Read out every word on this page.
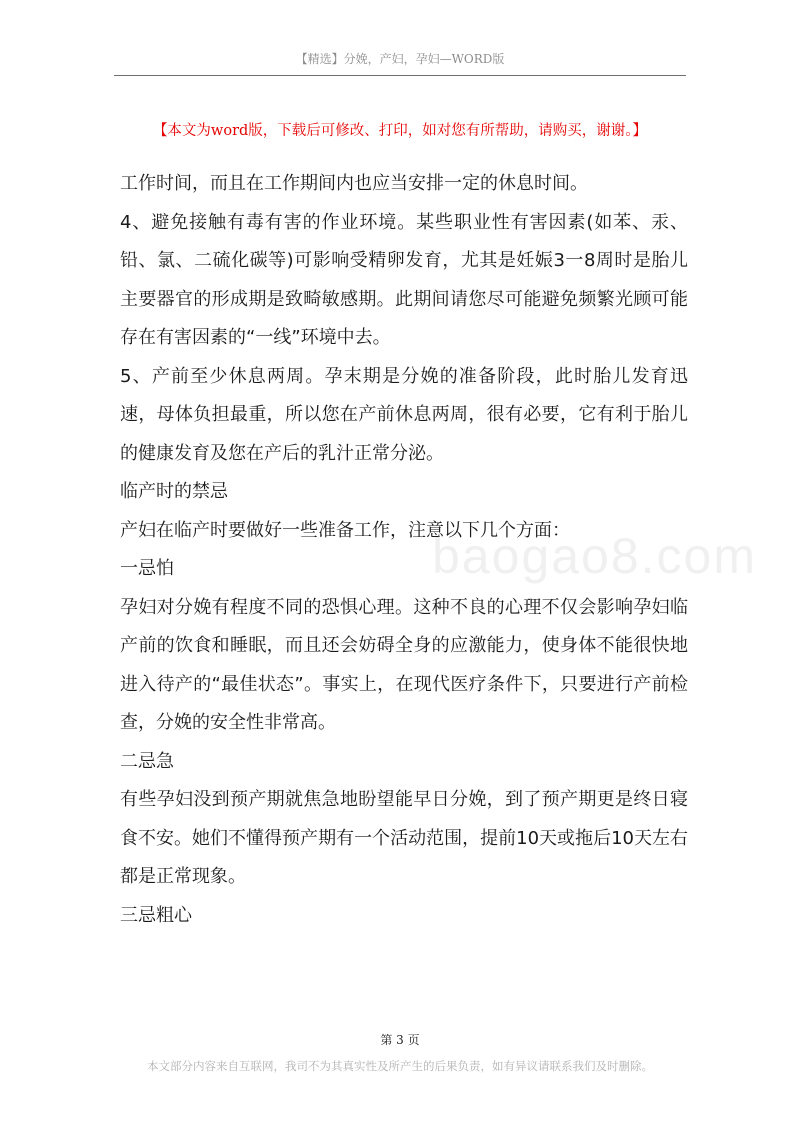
【精选】分娩，产妇，孕妇—WORD版
【本文为word版，下载后可修改、打印，如对您有所帮助，请购买，谢谢。】
baogao8.com

工作时间，而且在工作期间内也应当安排一定的休息时间。

4、避免接触有毒有害的作业环境。某些职业性有害因素(如苯、汞、铅、氯、二硫化碳等)可影响受精卵发育，尤其是妊娠3一8周时是胎儿主要器官的形成期是致畸敏感期。此期间请您尽可能避免频繁光顾可能存在有害因素的“一线”环境中去。

5、产前至少休息两周。孕末期是分娩的准备阶段，此时胎儿发育迅速，母体负担最重，所以您在产前休息两周，很有必要，它有利于胎儿的健康发育及您在产后的乳汁正常分泌。

临产时的禁忌

产妇在临产时要做好一些准备工作，注意以下几个方面：

一忌怕

孕妇对分娩有程度不同的恐惧心理。这种不良的心理不仅会影响孕妇临产前的饮食和睡眠，而且还会妨碍全身的应激能力，使身体不能很快地进入待产的“最佳状态”。事实上，在现代医疗条件下，只要进行产前检查，分娩的安全性非常高。

二忌急

有些孕妇没到预产期就焦急地盼望能早日分娩，到了预产期更是终日寝食不安。她们不懂得预产期有一个活动范围，提前10天或拖后10天左右都是正常现象。

三忌粗心

第 3 页
本文部分内容来自互联网，我司不为其真实性及所产生的后果负责，如有异议请联系我们及时删除。
